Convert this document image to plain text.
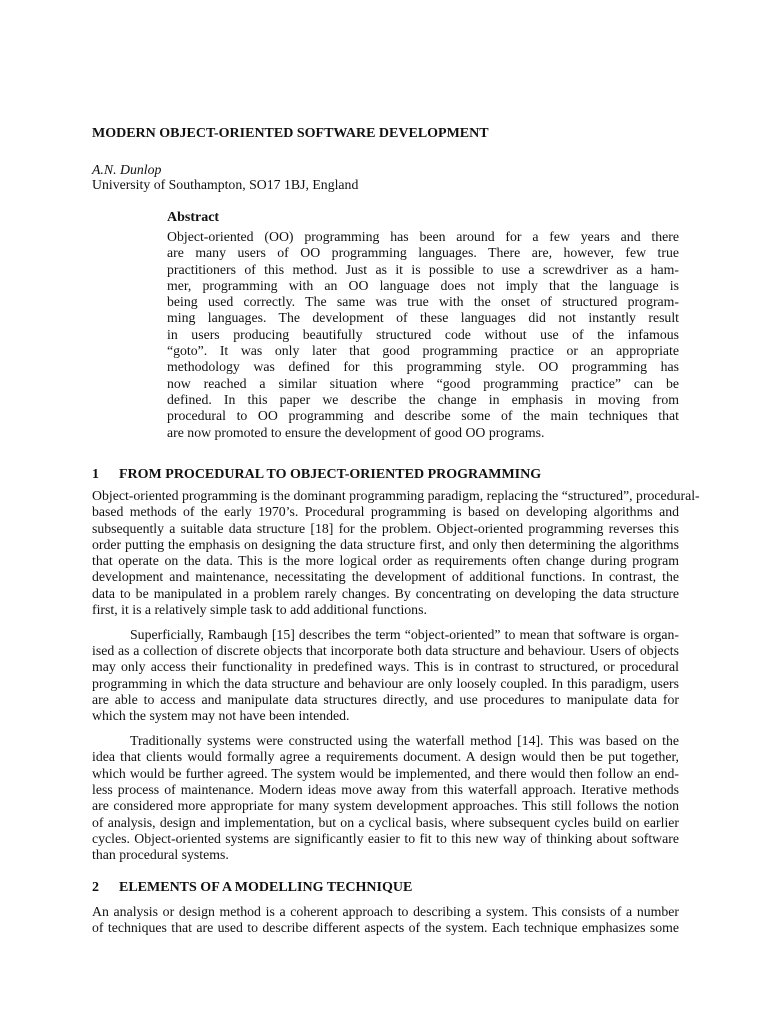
MODERN OBJECT-ORIENTED SOFTWARE DEVELOPMENT
A.N. Dunlop
University of Southampton, SO17 1BJ, England
Abstract
Object-oriented (OO) programming has been around for a few years and there
are many users of OO programming languages. There are, however, few true
practitioners of this method. Just as it is possible to use a screwdriver as a ham-
mer, programming with an OO language does not imply that the language is
being used correctly. The same was true with the onset of structured program-
ming languages. The development of these languages did not instantly result
in users producing beautifully structured code without use of the infamous
“goto”. It was only later that good programming practice or an appropriate
methodology was defined for this programming style. OO programming has
now reached a similar situation where “good programming practice” can be
defined. In this paper we describe the change in emphasis in moving from
procedural to OO programming and describe some of the main techniques that
are now promoted to ensure the development of good OO programs.
1 FROM PROCEDURAL TO OBJECT-ORIENTED PROGRAMMING
Object-oriented programming is the dominant programming paradigm, replacing the “structured”, procedural-
based methods of the early 1970’s. Procedural programming is based on developing algorithms and
subsequently a suitable data structure [18] for the problem. Object-oriented programming reverses this
order putting the emphasis on designing the data structure first, and only then determining the algorithms
that operate on the data. This is the more logical order as requirements often change during program
development and maintenance, necessitating the development of additional functions. In contrast, the
data to be manipulated in a problem rarely changes. By concentrating on developing the data structure
first, it is a relatively simple task to add additional functions.
Superficially, Rambaugh [15] describes the term “object-oriented” to mean that software is organ-
ised as a collection of discrete objects that incorporate both data structure and behaviour. Users of objects
may only access their functionality in predefined ways. This is in contrast to structured, or procedural
programming in which the data structure and behaviour are only loosely coupled. In this paradigm, users
are able to access and manipulate data structures directly, and use procedures to manipulate data for
which the system may not have been intended.
Traditionally systems were constructed using the waterfall method [14]. This was based on the
idea that clients would formally agree a requirements document. A design would then be put together,
which would be further agreed. The system would be implemented, and there would then follow an end-
less process of maintenance. Modern ideas move away from this waterfall approach. Iterative methods
are considered more appropriate for many system development approaches. This still follows the notion
of analysis, design and implementation, but on a cyclical basis, where subsequent cycles build on earlier
cycles. Object-oriented systems are significantly easier to fit to this new way of thinking about software
than procedural systems.
2 ELEMENTS OF A MODELLING TECHNIQUE
An analysis or design method is a coherent approach to describing a system. This consists of a number
of techniques that are used to describe different aspects of the system. Each technique emphasizes some
